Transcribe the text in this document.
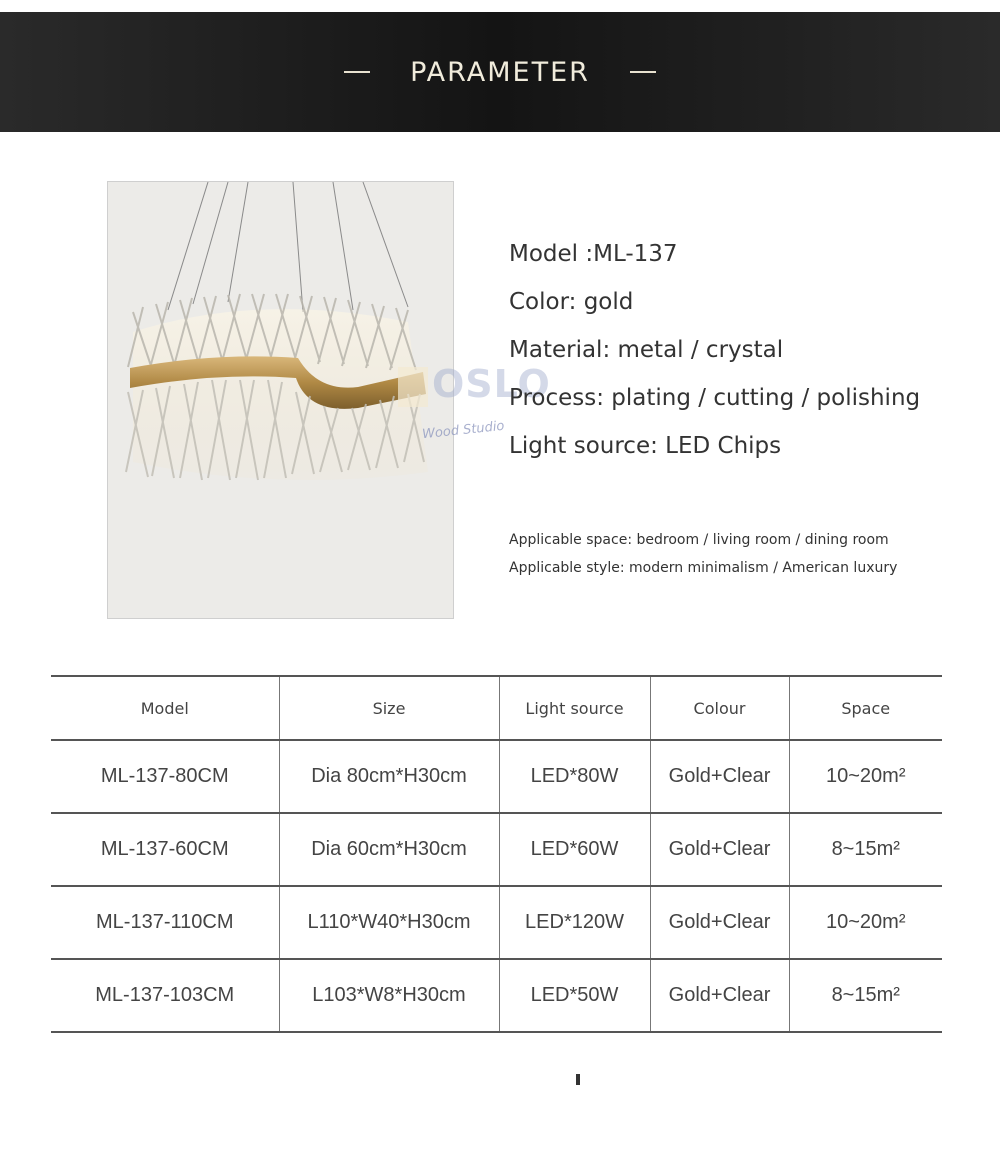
PARAMETER
OSLO
Wood Studio
Model :ML-137
Color: gold
Material: metal / crystal
Process: plating / cutting / polishing
Light source: LED Chips
Applicable space: bedroom / living room / dining room
Applicable style: modern minimalism / American luxury
Model	Size	Light source	Colour	Space
ML-137-80CM	Dia 80cm*H30cm	LED*80W	Gold+Clear	10~20m²
ML-137-60CM	Dia 60cm*H30cm	LED*60W	Gold+Clear	8~15m²
ML-137-110CM	L110*W40*H30cm	LED*120W	Gold+Clear	10~20m²
ML-137-103CM	L103*W8*H30cm	LED*50W	Gold+Clear	8~15m²
